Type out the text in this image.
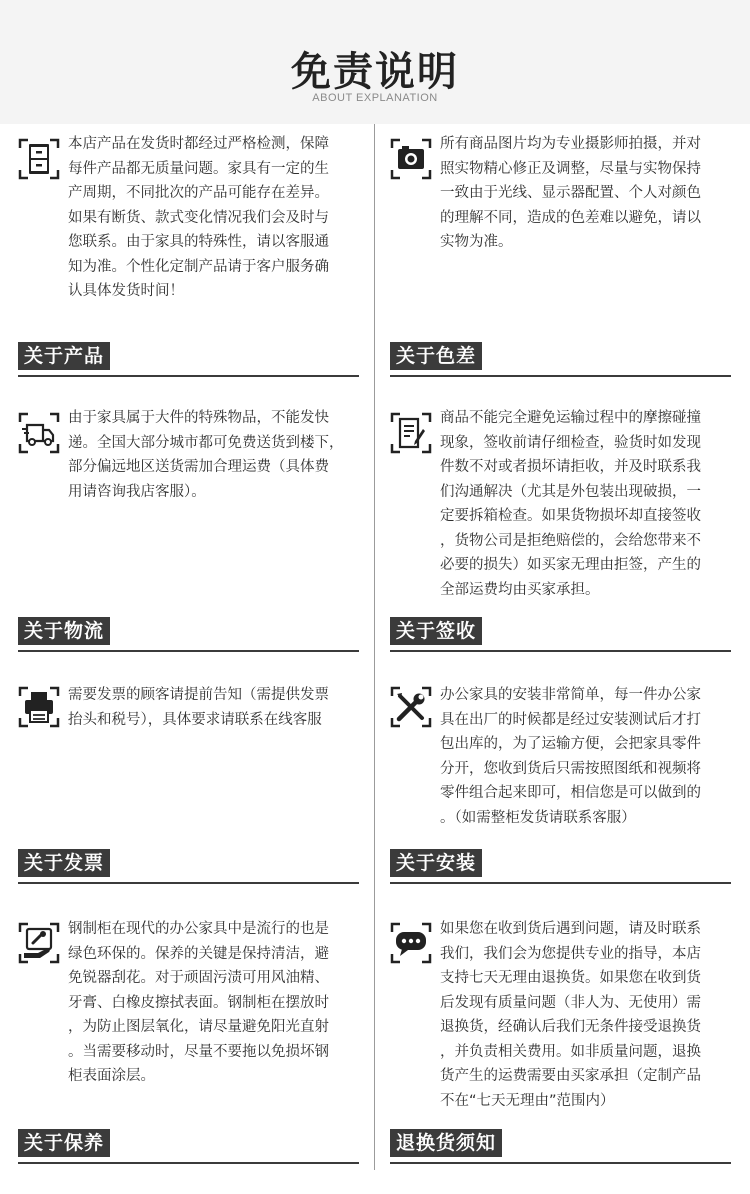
免责说明
ABOUT EXPLANATION
本店产品在发货时都经过严格检测，保障
每件产品都无质量问题。家具有一定的生
产周期，不同批次的产品可能存在差异。
如果有断货、款式变化情况我们会及时与
您联系。由于家具的特殊性，请以客服通
知为准。个性化定制产品请于客户服务确
认具体发货时间！
关于产品
所有商品图片均为专业摄影师拍摄，并对
照实物精心修正及调整，尽量与实物保持
一致由于光线、显示器配置、个人对颜色
的理解不同，造成的色差难以避免，请以
实物为准。
关于色差
由于家具属于大件的特殊物品，不能发快
递。全国大部分城市都可免费送货到楼下，
部分偏远地区送货需加合理运费（具体费
用请咨询我店客服）。
关于物流
商品不能完全避免运输过程中的摩擦碰撞
现象，签收前请仔细检查，验货时如发现
件数不对或者损坏请拒收，并及时联系我
们沟通解决（尤其是外包装出现破损，一
定要拆箱检查。如果货物损坏却直接签收
，货物公司是拒绝赔偿的，会给您带来不
必要的损失）如买家无理由拒签，产生的
全部运费均由买家承担。
关于签收
需要发票的顾客请提前告知（需提供发票
抬头和税号），具体要求请联系在线客服
关于发票
办公家具的安装非常简单，每一件办公家
具在出厂的时候都是经过安装测试后才打
包出库的，为了运输方便，会把家具零件
分开，您收到货后只需按照图纸和视频将
零件组合起来即可，相信您是可以做到的
。（如需整柜发货请联系客服）
关于安装
钢制柜在现代的办公家具中是流行的也是
绿色环保的。保养的关键是保持清洁，避
免锐器刮花。对于顽固污渍可用风油精、
牙膏、白橡皮擦拭表面。钢制柜在摆放时
，为防止图层氧化，请尽量避免阳光直射
。当需要移动时，尽量不要拖以免损坏钢
柜表面涂层。
关于保养
如果您在收到货后遇到问题，请及时联系
我们，我们会为您提供专业的指导，本店
支持七天无理由退换货。如果您在收到货
后发现有质量问题（非人为、无使用）需
退换货，经确认后我们无条件接受退换货
，并负责相关费用。如非质量问题，退换
货产生的运费需要由买家承担（定制产品
不在“七天无理由”范围内）
退换货须知
